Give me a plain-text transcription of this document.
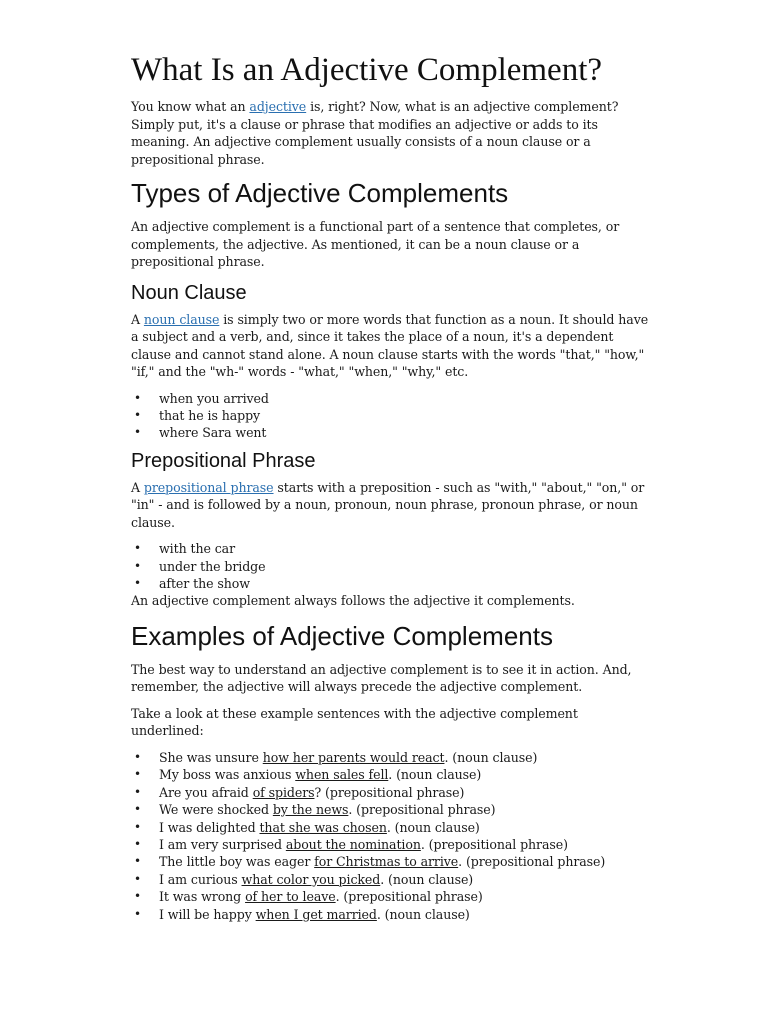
What Is an Adjective Complement?

You know what an adjective is, right? Now, what is an adjective complement? Simply put, it's a clause or phrase that modifies an adjective or adds to its meaning. An adjective complement usually consists of a noun clause or a prepositional phrase.

Types of Adjective Complements

An adjective complement is a functional part of a sentence that completes, or complements, the adjective. As mentioned, it can be a noun clause or a prepositional phrase.

Noun Clause

A noun clause is simply two or more words that function as a noun. It should have a subject and a verb, and, since it takes the place of a noun, it's a dependent clause and cannot stand alone. A noun clause starts with the words "that," "how," "if," and the "wh-" words - "what," "when," "why," etc.

• when you arrived
• that he is happy
• where Sara went
Prepositional Phrase

A prepositional phrase starts with a preposition - such as "with," "about," "on," or "in" - and is followed by a noun, pronoun, noun phrase, pronoun phrase, or noun clause.

• with the car
• under the bridge
• after the show

An adjective complement always follows the adjective it complements.

Examples of Adjective Complements

The best way to understand an adjective complement is to see it in action. And, remember, the adjective will always precede the adjective complement.

Take a look at these example sentences with the adjective complement underlined:

• She was unsure how her parents would react. (noun clause)
• My boss was anxious when sales fell. (noun clause)
• Are you afraid of spiders? (prepositional phrase)
• We were shocked by the news. (prepositional phrase)
• I was delighted that she was chosen. (noun clause)
• I am very surprised about the nomination. (prepositional phrase)
• The little boy was eager for Christmas to arrive. (prepositional phrase)
• I am curious what color you picked. (noun clause)
• It was wrong of her to leave. (prepositional phrase)
• I will be happy when I get married. (noun clause)
